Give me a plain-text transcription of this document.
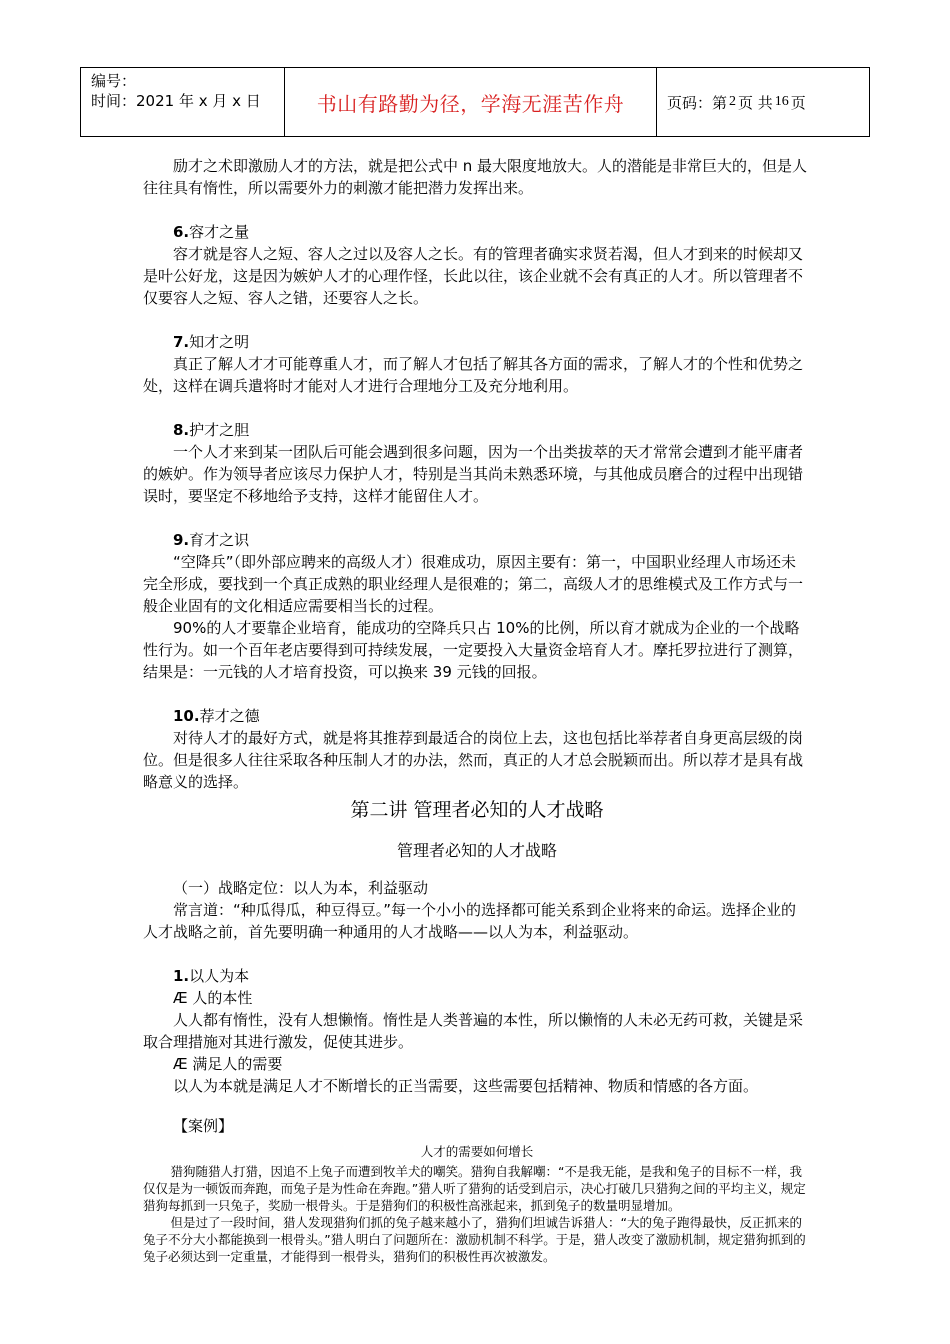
编号：
时间：2021 年 x 月 x 日	书山有路勤为径，学海无涯苦作舟	页码：第 2 页 共 16 页

励才之术即激励人才的方法，就是把公式中 n 最大限度地放大。人的潜能是非常巨大的，但是人往往具有惰性，所以需要外力的刺激才能把潜力发挥出来。

6.容才之量

容才就是容人之短、容人之过以及容人之长。有的管理者确实求贤若渴，但人才到来的时候却又是叶公好龙，这是因为嫉妒人才的心理作怪，长此以往，该企业就不会有真正的人才。所以管理者不仅要容人之短、容人之错，还要容人之长。

7.知才之明

真正了解人才才可能尊重人才，而了解人才包括了解其各方面的需求，了解人才的个性和优势之处，这样在调兵遣将时才能对人才进行合理地分工及充分地利用。

8.护才之胆

一个人才来到某一团队后可能会遇到很多问题，因为一个出类拔萃的天才常常会遭到才能平庸者的嫉妒。作为领导者应该尽力保护人才，特别是当其尚未熟悉环境，与其他成员磨合的过程中出现错误时，要坚定不移地给予支持，这样才能留住人才。

9.育才之识

“空降兵”（即外部应聘来的高级人才）很难成功，原因主要有：第一，中国职业经理人市场还未完全形成，要找到一个真正成熟的职业经理人是很难的；第二，高级人才的思维模式及工作方式与一般企业固有的文化相适应需要相当长的过程。

90%的人才要靠企业培育，能成功的空降兵只占 10%的比例，所以育才就成为企业的一个战略性行为。如一个百年老店要得到可持续发展，一定要投入大量资金培育人才。摩托罗拉进行了测算，结果是：一元钱的人才培育投资，可以换来 39 元钱的回报。

10.荐才之德

对待人才的最好方式，就是将其推荐到最适合的岗位上去，这也包括比举荐者自身更高层级的岗位。但是很多人往往采取各种压制人才的办法，然而，真正的人才总会脱颖而出。所以荐才是具有战略意义的选择。

第二讲 管理者必知的人才战略
管理者必知的人才战略
（一）战略定位：以人为本，利益驱动

常言道：“种瓜得瓜，种豆得豆。”每一个小小的选择都可能关系到企业将来的命运。选择企业的人才战略之前，首先要明确一种通用的人才战略——以人为本，利益驱动。

1.以人为本
Æ 人的本性

人人都有惰性，没有人想懒惰。惰性是人类普遍的本性，所以懒惰的人未必无药可救，关键是采取合理措施对其进行激发，促使其进步。

Æ 满足人的需要

以人为本就是满足人才不断增长的正当需要，这些需要包括精神、物质和情感的各方面。

【案例】
人才的需要如何增长

猎狗随猎人打猎，因追不上兔子而遭到牧羊犬的嘲笑。猎狗自我解嘲：“不是我无能，是我和兔子的目标不一样，我仅仅是为一顿饭而奔跑，而兔子是为性命在奔跑。”猎人听了猎狗的话受到启示，决心打破几只猎狗之间的平均主义，规定猎狗每抓到一只兔子，奖励一根骨头。于是猎狗们的积极性高涨起来，抓到兔子的数量明显增加。

但是过了一段时间，猎人发现猎狗们抓的兔子越来越小了，猎狗们坦诚告诉猎人：“大的兔子跑得最快，反正抓来的兔子不分大小都能换到一根骨头。”猎人明白了问题所在：激励机制不科学。于是，猎人改变了激励机制，规定猎狗抓到的兔子必须达到一定重量，才能得到一根骨头，猎狗们的积极性再次被激发。
